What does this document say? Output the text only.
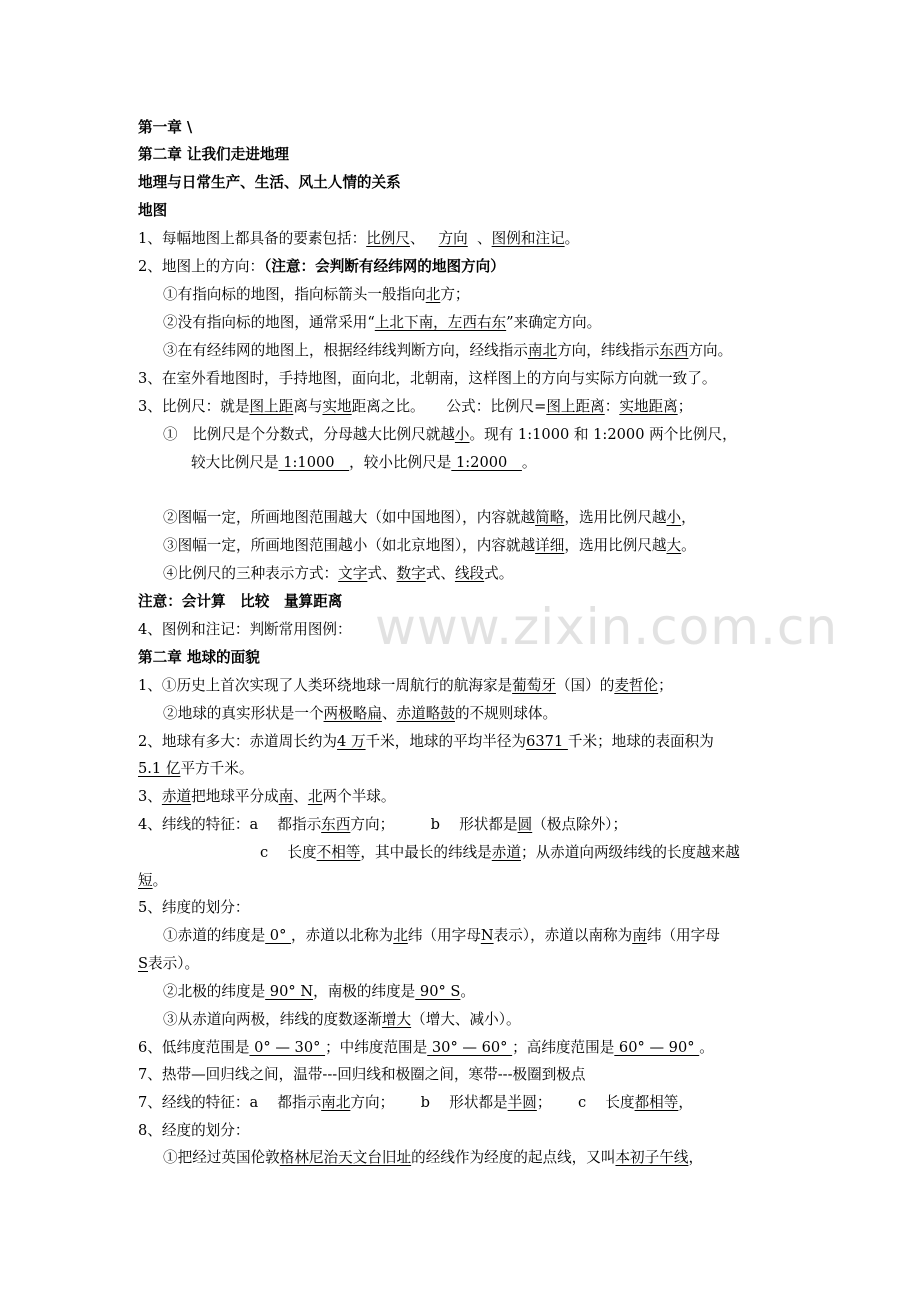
www.zixin.com.cn
第一章 \
第二章 让我们走进地理
地理与日常生产、生活、风土人情的关系
地图
1、每幅地图上都具备的要素包括：比例尺、 方向 、图例和注记。
2、地图上的方向：（注意：会判断有经纬网的地图方向）
①有指向标的地图，指向标箭头一般指向北方；
②没有指向标的地图，通常采用“上北下南，左西右东”来确定方向。
③在有经纬网的地图上，根据经纬线判断方向，经线指示南北方向，纬线指示东西方向。
3、在室外看地图时，手持地图，面向北，北朝南，这样图上的方向与实际方向就一致了。
3、比例尺：就是图上距离与实地距离之比。　　公式：比例尺=图上距离：实地距离；
①　比例尺是个分数式，分母越大比例尺就越小。现有 1:1000 和 1:2000 两个比例尺，
较大比例尺是 1:1000　，较小比例尺是 1:2000　。
②图幅一定，所画地图范围越大（如中国地图），内容就越简略，选用比例尺越小，
③图幅一定，所画地图范围越小（如北京地图），内容就越详细，选用比例尺越大。
④比例尺的三种表示方式：文字式、数字式、线段式。
注意：会计算　比较　量算距离
4、图例和注记：判断常用图例：
第二章 地球的面貌
1、①历史上首次实现了人类环绕地球一周航行的航海家是葡萄牙（国）的麦哲伦；
②地球的真实形状是一个两极略扁、赤道略鼓的不规则球体。
2、地球有多大：赤道周长约为4 万千米，地球的平均半径为6371 千米；地球的表面积为
5.1 亿平方千米。
3、赤道把地球平分成南、北两个半球。
4、纬线的特征：a　 都指示东西方向；　　　b　 形状都是圆（极点除外）；
c　 长度不相等，其中最长的纬线是赤道；从赤道向两级纬线的长度越来越
短。
5、纬度的划分：
①赤道的纬度是 0° ，赤道以北称为北纬（用字母N表示），赤道以南称为南纬（用字母
S表示）。
②北极的纬度是 90° N，南极的纬度是 90° S。
③从赤道向两极，纬线的度数逐渐增大（增大、减小）。
6、低纬度范围是 0° — 30° ；中纬度范围是 30° — 60° ；高纬度范围是 60° — 90° 。
7、热带—回归线之间，温带---回归线和极圈之间，寒带---极圈到极点
7、经线的特征：a　 都指示南北方向；　　 b　 形状都是半圆；　　 c　 长度都相等，
8、经度的划分：
①把经过英国伦敦格林尼治天文台旧址的经线作为经度的起点线，又叫本初子午线，
